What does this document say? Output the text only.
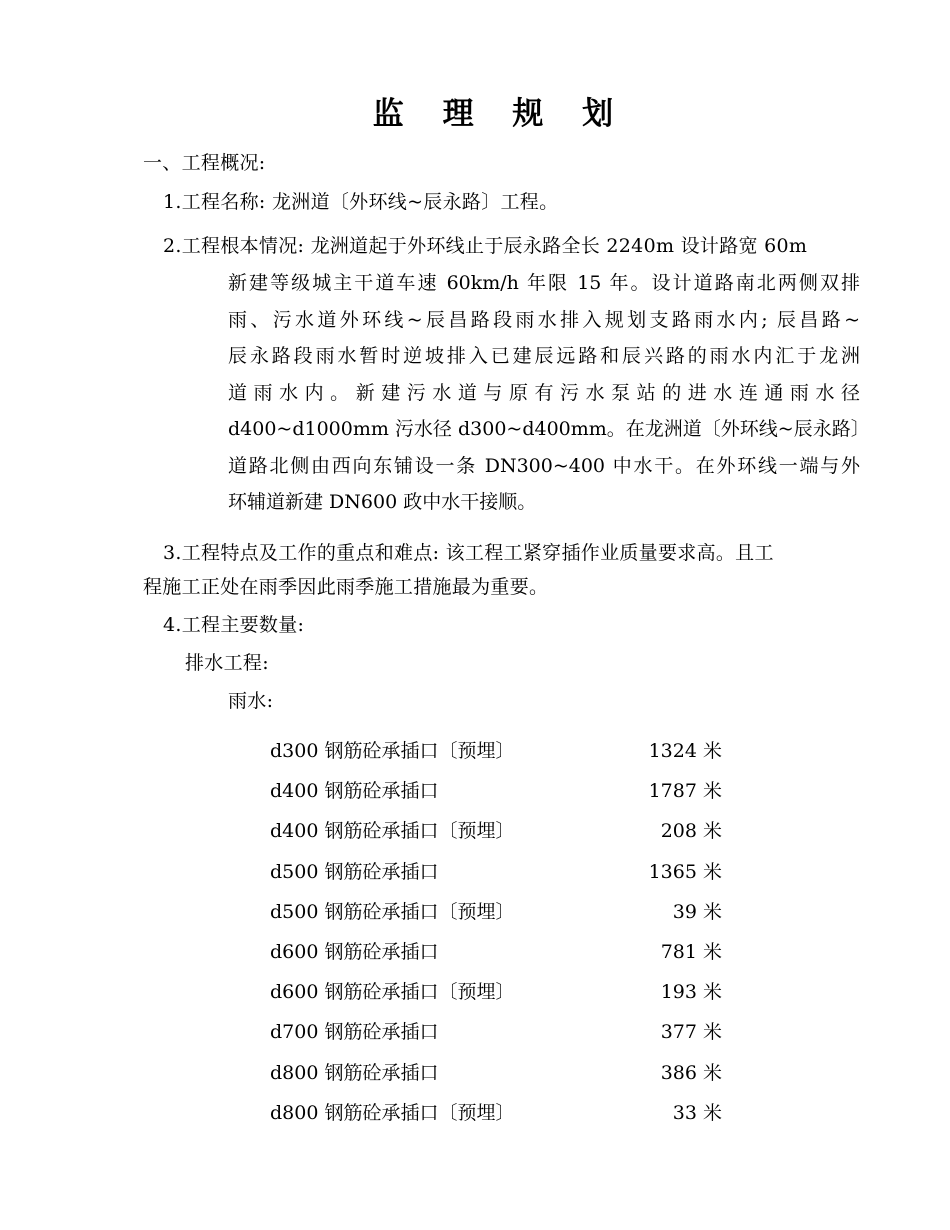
监 理 规 划
一、工程概况:
1.工程名称: 龙洲道〔外环线~辰永路〕工程。
2.工程根本情况: 龙洲道起于外环线止于辰永路全长 2240m 设计路宽 60m
新建等级城主干道车速 60km/h 年限 15 年。设计道路南北两侧双排
雨、污水道外环线~辰昌路段雨水排入规划支路雨水内; 辰昌路~
辰永路段雨水暂时逆坡排入已建辰远路和辰兴路的雨水内汇于龙洲
道雨水内。新建污水道与原有污水泵站的进水连通雨水径
d400~d1000mm 污水径 d300~d400mm。在龙洲道〔外环线~辰永路〕
道路北侧由西向东铺设一条 DN300~400 中水干。在外环线一端与外
环辅道新建 DN600 政中水干接顺。
3.工程特点及工作的重点和难点: 该工程工紧穿插作业质量要求高。且工
程施工正处在雨季因此雨季施工措施最为重要。
4.工程主要数量:
排水工程:
雨水:
d300 钢筋砼承插口〔预埋〕	1324 米
d400 钢筋砼承插口	1787 米
d400 钢筋砼承插口〔预埋〕	208 米
d500 钢筋砼承插口	1365 米
d500 钢筋砼承插口〔预埋〕	39 米
d600 钢筋砼承插口	781 米
d600 钢筋砼承插口〔预埋〕	193 米
d700 钢筋砼承插口	377 米
d800 钢筋砼承插口	386 米
d800 钢筋砼承插口〔预埋〕	33 米
